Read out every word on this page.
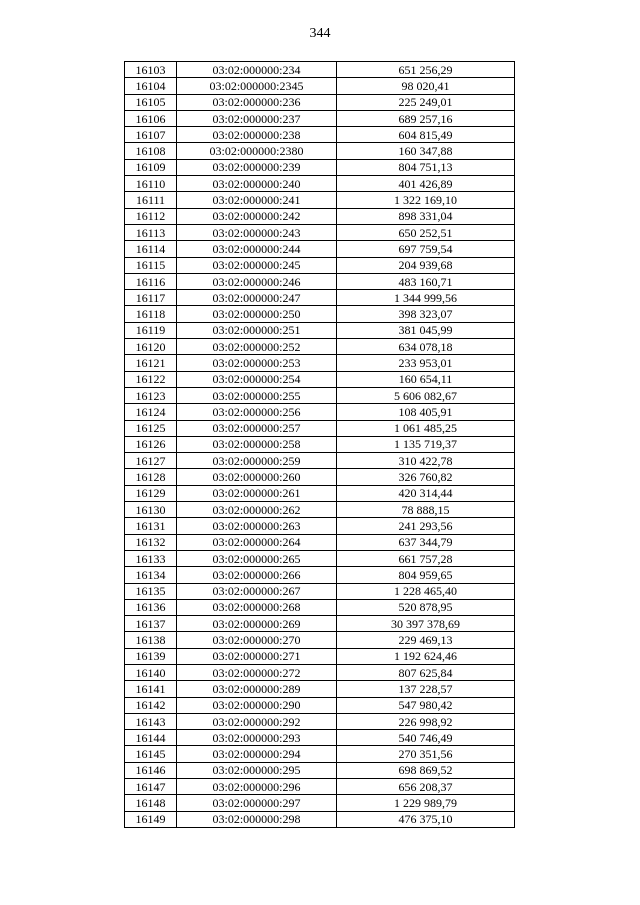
344
16103	03:02:000000:234	651 256,29
16104	03:02:000000:2345	98 020,41
16105	03:02:000000:236	225 249,01
16106	03:02:000000:237	689 257,16
16107	03:02:000000:238	604 815,49
16108	03:02:000000:2380	160 347,88
16109	03:02:000000:239	804 751,13
16110	03:02:000000:240	401 426,89
16111	03:02:000000:241	1 322 169,10
16112	03:02:000000:242	898 331,04
16113	03:02:000000:243	650 252,51
16114	03:02:000000:244	697 759,54
16115	03:02:000000:245	204 939,68
16116	03:02:000000:246	483 160,71
16117	03:02:000000:247	1 344 999,56
16118	03:02:000000:250	398 323,07
16119	03:02:000000:251	381 045,99
16120	03:02:000000:252	634 078,18
16121	03:02:000000:253	233 953,01
16122	03:02:000000:254	160 654,11
16123	03:02:000000:255	5 606 082,67
16124	03:02:000000:256	108 405,91
16125	03:02:000000:257	1 061 485,25
16126	03:02:000000:258	1 135 719,37
16127	03:02:000000:259	310 422,78
16128	03:02:000000:260	326 760,82
16129	03:02:000000:261	420 314,44
16130	03:02:000000:262	78 888,15
16131	03:02:000000:263	241 293,56
16132	03:02:000000:264	637 344,79
16133	03:02:000000:265	661 757,28
16134	03:02:000000:266	804 959,65
16135	03:02:000000:267	1 228 465,40
16136	03:02:000000:268	520 878,95
16137	03:02:000000:269	30 397 378,69
16138	03:02:000000:270	229 469,13
16139	03:02:000000:271	1 192 624,46
16140	03:02:000000:272	807 625,84
16141	03:02:000000:289	137 228,57
16142	03:02:000000:290	547 980,42
16143	03:02:000000:292	226 998,92
16144	03:02:000000:293	540 746,49
16145	03:02:000000:294	270 351,56
16146	03:02:000000:295	698 869,52
16147	03:02:000000:296	656 208,37
16148	03:02:000000:297	1 229 989,79
16149	03:02:000000:298	476 375,10
